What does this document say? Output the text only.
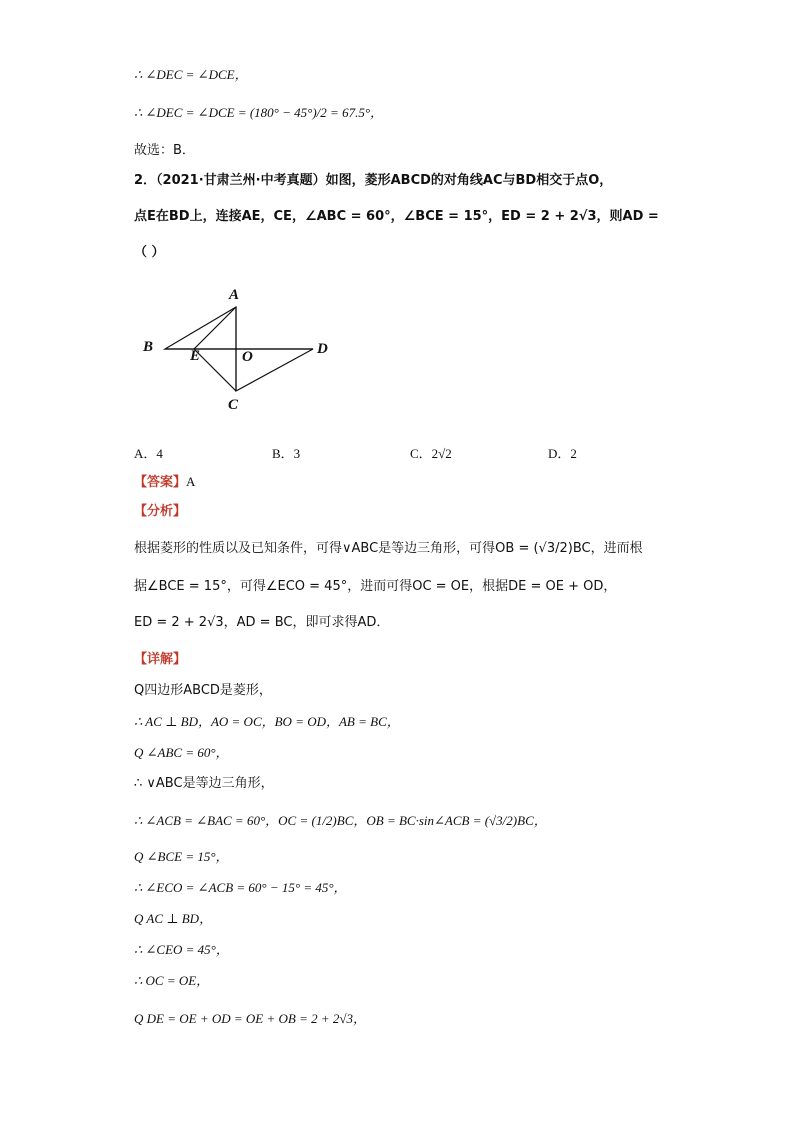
∴ ∠DEC = ∠DCE，
∴ ∠DEC = ∠DCE = (180° − 45°)/2 = 67.5°，
故选：B．
2．（2021·甘肃兰州·中考真题）如图，菱形ABCD的对角线AC与BD相交于点O，
点E在BD上，连接AE，CE，∠ABC = 60°，∠BCE = 15°，ED = 2 + 2√3，则AD =
（ ）
A
B	D
C
E	O
A．4	B．3	C．2√2	D．2
【答案】A
【分析】
根据菱形的性质以及已知条件，可得∨ABC是等边三角形，可得OB = (√3/2)BC，进而根
据∠BCE = 15°，可得∠ECO = 45°，进而可得OC = OE，根据DE = OE + OD，
ED = 2 + 2√3，AD = BC，即可求得AD．
【详解】
Q四边形ABCD是菱形，
∴ AC ⊥ BD，AO = OC，BO = OD，AB = BC，
Q ∠ABC = 60°，
∴ ∨ABC是等边三角形，
∴ ∠ACB = ∠BAC = 60°，OC = (1/2)BC，OB = BC·sin∠ACB = (√3/2)BC，
Q ∠BCE = 15°，
∴ ∠ECO = ∠ACB = 60° − 15° = 45°，
Q AC ⊥ BD，
∴ ∠CEO = 45°，
∴ OC = OE，
Q DE = OE + OD = OE + OB = 2 + 2√3，
